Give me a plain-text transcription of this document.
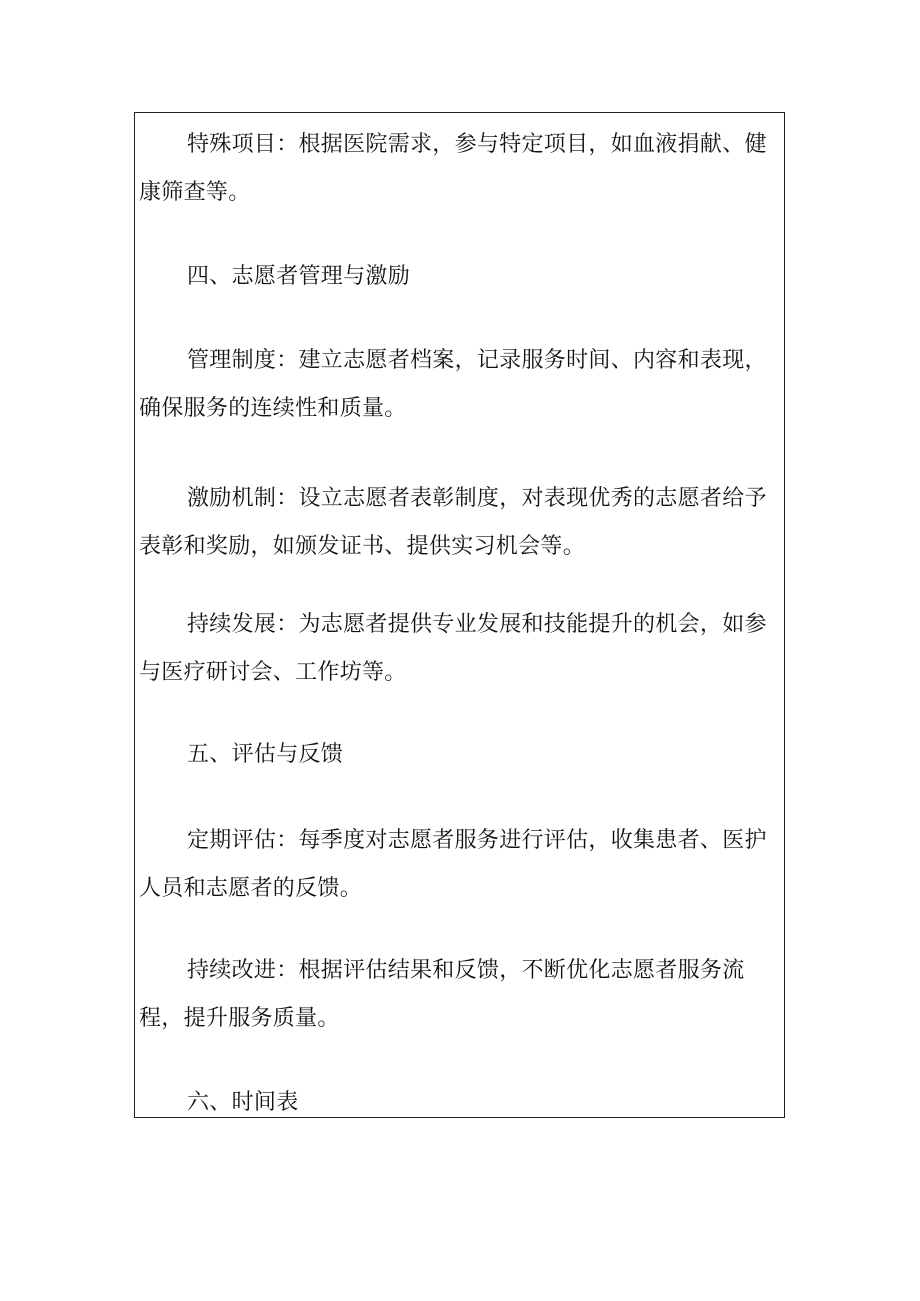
特殊项目：根据医院需求，参与特定项目，如血液捐献、健康筛查等。

四、志愿者管理与激励

管理制度：建立志愿者档案，记录服务时间、内容和表现，确保服务的连续性和质量。

激励机制：设立志愿者表彰制度，对表现优秀的志愿者给予表彰和奖励，如颁发证书、提供实习机会等。

持续发展：为志愿者提供专业发展和技能提升的机会，如参与医疗研讨会、工作坊等。

五、评估与反馈

定期评估：每季度对志愿者服务进行评估，收集患者、医护人员和志愿者的反馈。

持续改进：根据评估结果和反馈，不断优化志愿者服务流程，提升服务质量。

六、时间表
